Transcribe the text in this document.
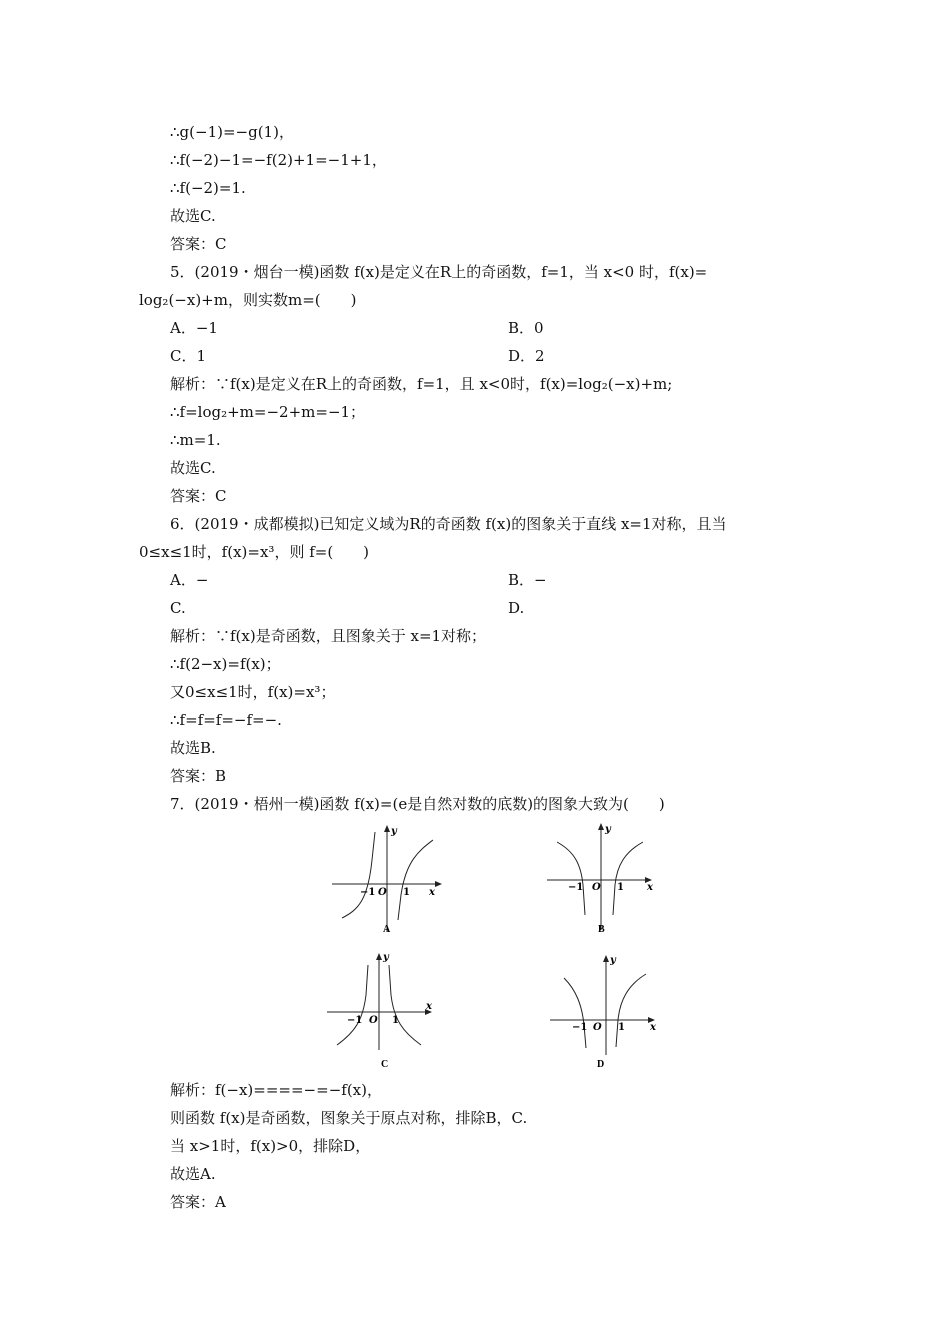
∴g(−1)=−g(1)，
∴f(−2)−1=−f(2)+1=−1+1，
∴f(−2)=1.
故选C.
答案：C
5．(2019・烟台一模)函数 f(x)是定义在R上的奇函数，f=1，当 x<0 时，f(x)=
log₂(−x)+m，则实数m=(　　)
A．−1	B．0
C．1	D．2
解析：∵f(x)是定义在R上的奇函数，f=1，且 x<0时，f(x)=log₂(−x)+m;
∴f=log₂+m=−2+m=−1；
∴m=1.
故选C.
答案：C
6．(2019・成都模拟)已知定义域为R的奇函数 f(x)的图象关于直线 x=1对称，且当
0≤x≤1时，f(x)=x³，则 f=(　　)
A．−	B．−
C.	D.
解析：∵f(x)是奇函数，且图象关于 x=1对称；
∴f(2−x)=f(x)；
又0≤x≤1时，f(x)=x³；
∴f=f=f=−f=−.
故选B.
答案：B
7．(2019・梧州一模)函数 f(x)=(e是自然对数的底数)的图象大致为(　　)
y
x
O
−1	1
A
y
x
O
−1	1
B
y
x
O
−1	1
C
y
x
O
−1	1
D
解析：f(−x)====−=−f(x)，
则函数 f(x)是奇函数，图象关于原点对称，排除B，C.
当 x>1时，f(x)>0，排除D，
故选A.
答案：A
